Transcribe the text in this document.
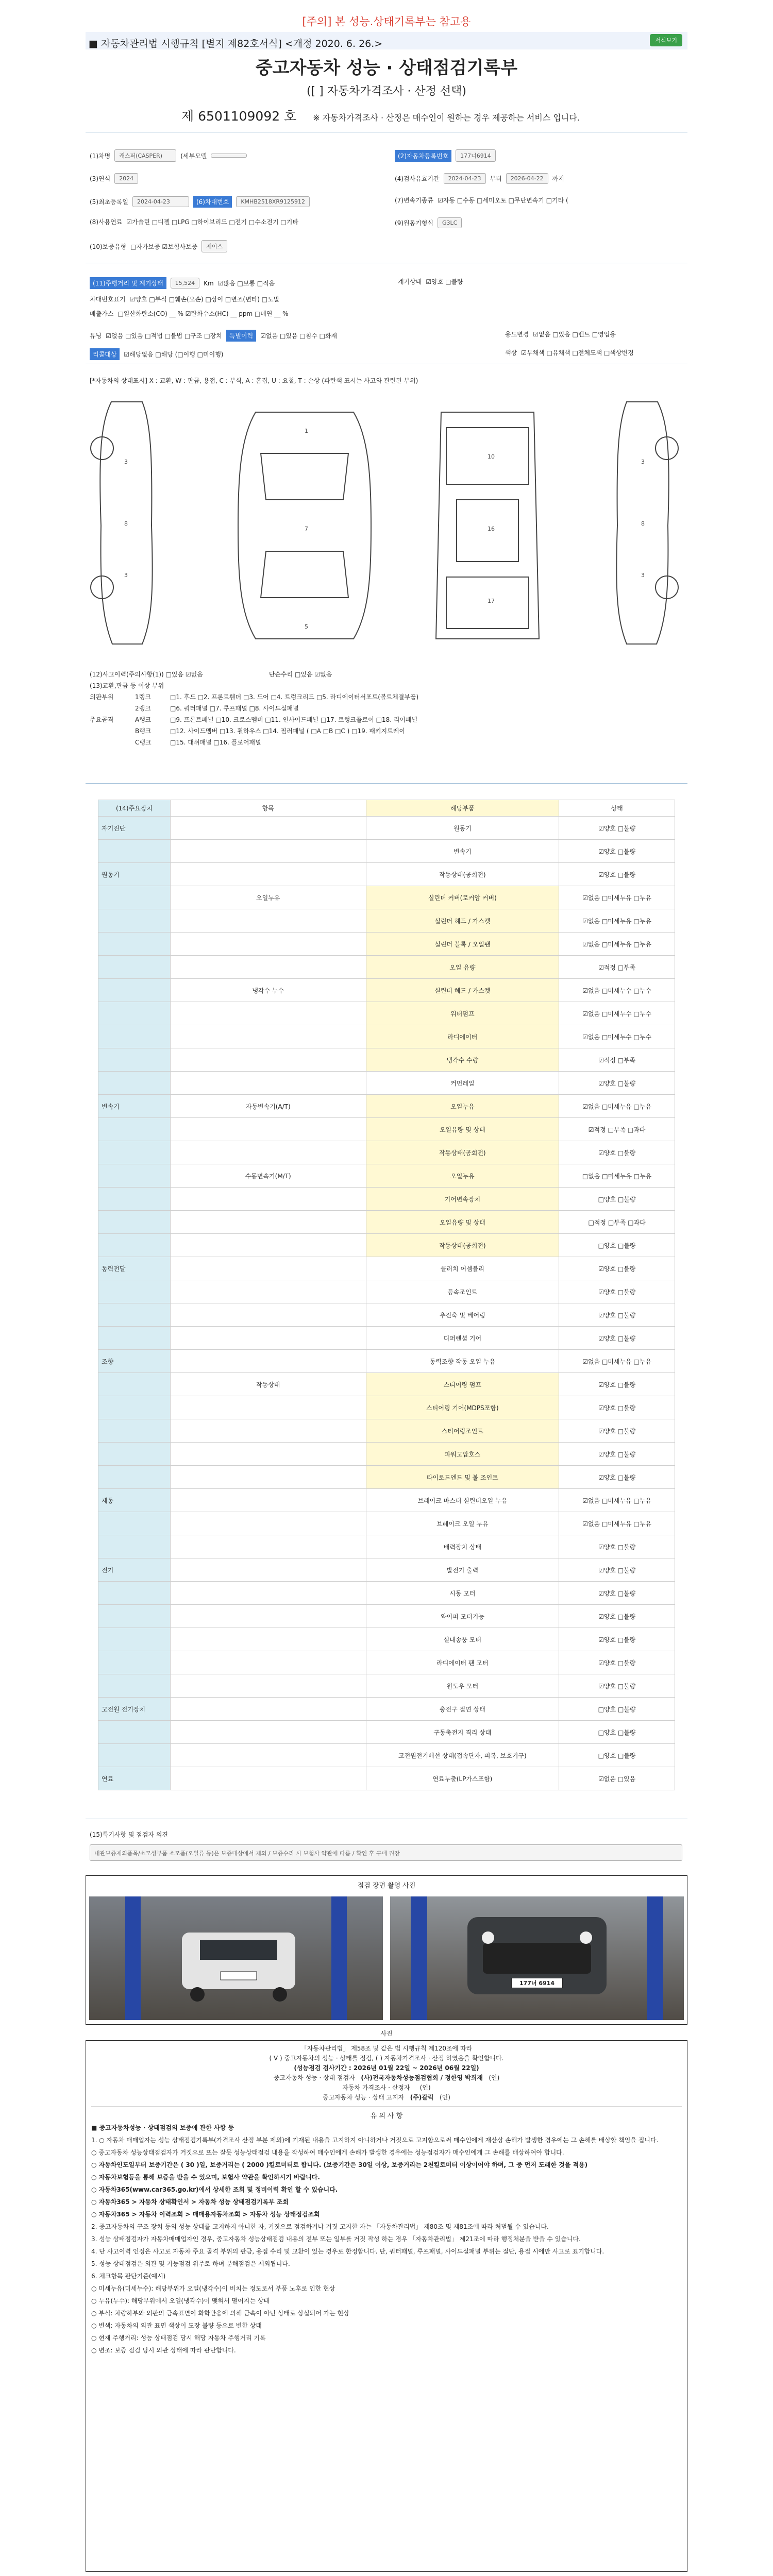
[주의] 본 성능.상태기록부는 참고용
■ 자동차관리법 시행규칙 [별지 제82호서식] <개정 2020. 6. 26.>	서식보기
중고자동차 성능 · 상태점검기록부
([ ] 자동차가격조사 · 산정 선택)
제 6501109092 호 ※ 자동차가격조사 · 산정은 매수인이 원하는 경우 제공하는 서비스 입니다.
(1)차명	캐스퍼(CASPER)	(세부모델	(2)자동차등록번호	177너6914
(3)연식	2024	(4)검사유효기간	2024-04-23	부터	2026-04-22	까지
(5)최초등록일	2024-04-23	(6)차대번호	KMHB2518XR9125912	(7)변속기종류 ☑자동 □수동 □세미오토 □무단변속기 □기타 (
(8)사용연료 ☑가솔린 □디젤 □LPG □하이브리드 □전기 □수소전기 □기타	(9)원동기형식	G3LC
(10)보증유형 □자가보증 ☑보험사보증	제이스
(11)주행거리 및 계기상태	15,524	Km ☑많음 □보통 □적음	계기상태 ☑양호 □불량
차대번호표기 ☑양호 □부식 □훼손(오손) □상이 □변조(변타) □도말
배출가스 □일산화탄소(CO) __ % ☑탄화수소(HC) __ ppm □매연 __ %
튜닝 ☑없음 □있음 □적법 □불법 □구조 □장치	특별이력	☑없음 □있음 □침수 □화재	용도변경 ☑없음 □있음 □렌트 □영업용
리콜대상	☑해당없음 □해당 (□이행 □미이행)	색상 ☑무채색 □유채색 □전체도색 □색상변경
[*자동차의 상태표시] X : 교환, W : 판금, 용접, C : 부식, A : 흠집, U : 요철, T : 손상 (파란색 표시는 사고와 관련된 부위)
1
7
5
10
16
17
3
8
3
3
8
3
(12)사고이력(주의사항(1)) □있음 ☑없음	단순수리 □있음 ☑없음
(13)교환,판금 등 이상 부위
외판부위	1랭크	□1. 후드 □2. 프론트휀더 □3. 도어 □4. 트렁크리드 □5. 라디에이터서포트(볼트체결부품)
2랭크	□6. 쿼터패널 □7. 루프패널 □8. 사이드실패널
주요골격	A랭크	□9. 프론트패널 □10. 크로스멤버 □11. 인사이드패널 □17. 트렁크플로어 □18. 리어패널
B랭크	□12. 사이드멤버 □13. 휠하우스 □14. 필러패널 ( □A □B □C ) □19. 패키지트레이
C랭크	□15. 대쉬패널 □16. 플로어패널
(14)주요장치	항목	해당부품	상태
자기진단		원동기	☑양호 □불량
		변속기	☑양호 □불량
원동기		작동상태(공회전)	☑양호 □불량
	오일누유	실린더 커버(로커암 커버)	☑없음 □미세누유 □누유
		실린더 헤드 / 가스켓	☑없음 □미세누유 □누유
		실린더 블록 / 오일팬	☑없음 □미세누유 □누유
		오일 유량	☑적정 □부족
	냉각수 누수	실린더 헤드 / 가스켓	☑없음 □미세누수 □누수
		워터펌프	☑없음 □미세누수 □누수
		라디에이터	☑없음 □미세누수 □누수
		냉각수 수량	☑적정 □부족
		커먼레일	☑양호 □불량
변속기	자동변속기(A/T)	오일누유	☑없음 □미세누유 □누유
		오일유량 및 상태	☑적정 □부족 □과다
		작동상태(공회전)	☑양호 □불량
	수동변속기(M/T)	오일누유	□없음 □미세누유 □누유
		기어변속장치	□양호 □불량
		오일유량 및 상태	□적정 □부족 □과다
		작동상태(공회전)	□양호 □불량
동력전달		클러치 어셈블리	☑양호 □불량
		등속조인트	☑양호 □불량
		추진축 및 베어링	☑양호 □불량
		디퍼렌셜 기어	☑양호 □불량
조향		동력조향 작동 오일 누유	☑없음 □미세누유 □누유
	작동상태	스티어링 펌프	☑양호 □불량
		스티어링 기어(MDPS포함)	☑양호 □불량
		스티어링조인트	☑양호 □불량
		파워고압호스	☑양호 □불량
		타이로드엔드 및 볼 조인트	☑양호 □불량
제동		브레이크 마스터 실린더오일 누유	☑없음 □미세누유 □누유
		브레이크 오일 누유	☑없음 □미세누유 □누유
		배력장치 상태	☑양호 □불량
전기		발전기 출력	☑양호 □불량
		시동 모터	☑양호 □불량
		와이퍼 모터기능	☑양호 □불량
		실내송풍 모터	☑양호 □불량
		라디에이터 팬 모터	☑양호 □불량
		윈도우 모터	☑양호 □불량
고전원 전기장치		충전구 절연 상태	□양호 □불량
		구동축전지 격리 상태	□양호 □불량
		고전원전기배선 상태(접속단자, 피복, 보호기구)	□양호 □불량
연료		연료누출(LP가스포함)	☑없음 □있음
(15)특기사항 및 점검자 의견
내관보증제외품목/소모성부품 소모품(오일류 등)은 보증대상에서 제외 / 보증수리 시 보험사 약관에 따름 / 확인 후 구매 권장
점검 장면 촬영 사진
177너 6914
사진
「자동차관리법」 제58조 및 같은 법 시행규칙 제120조에 따라
( V ) 중고자동차의 성능 · 상태를 점검, ( ) 자동차가격조사 · 산정 하였음을 확인합니다.
(성능점검 검사기간 : 2026년 01월 22일 ~ 2026년 06월 22일)
중고자동차 성능 · 상태 점검자 (사)전국자동차성능점검협회 / 정한영 박희재 (인)
자동차 가격조사 · 산정자 (인)
중고자동차 성능 · 상태 고지자 (주)갈릭 (인)
유 의 사 항

■ 중고자동차성능 · 상태점검의 보증에 관한 사항 등

1. ○ 자동차 매매업자는 성능 상태점검기록부(가격조사 산정 부분 제외)에 기재된 내용을 고지하지 아니하거나 거짓으로 고지함으로써 매수인에게 재산상 손해가 발생한 경우에는 그 손해를 배상할 책임을 집니다.

○ 중고자동차 성능상태점검자가 거짓으로 또는 잘못 성능상태점검 내용을 작성하여 매수인에게 손해가 발생한 경우에는 성능점검자가 매수인에게 그 손해를 배상하여야 합니다.

○ 자동차인도일부터 보증기간은 ( 30 )일, 보증거리는 ( 2000 )킬로미터로 합니다. (보증기간은 30일 이상, 보증거리는 2천킬로미터 이상이어야 하며, 그 중 먼저 도래한 것을 적용)

○ 자동차보험등을 통해 보증을 받을 수 있으며, 보험사 약관을 확인하시기 바랍니다.

○ 자동차365(www.car365.go.kr)에서 상세한 조회 및 정비이력 확인 할 수 있습니다.

○ 자동차365 > 자동차 상태확인서 > 자동차 성능 상태점검기록부 조회

○ 자동차365 > 자동차 이력조회 > 매매용자동차조회 > 자동차 성능 상태점검조회

2. 중고자동차의 구조 장치 등의 성능 상태를 고지하지 아니한 자, 거짓으로 점검하거나 거짓 고지한 자는 「자동차관리법」 제80조 및 제81조에 따라 처벌될 수 있습니다.

3. 성능 상태점검자가 자동차매매업자인 경우, 중고자동차 성능상태점검 내용의 전부 또는 일부를 거짓 작성 하는 경우 「자동차관리법」 제21조에 따라 행정처분을 받을 수 있습니다.

4. 단 사고이력 인정은 사고로 자동차 주요 골격 부위의 판금, 용접 수리 및 교환이 있는 경우로 한정합니다. 단, 쿼터패널, 루프패널, 사이드실패널 부위는 절단, 용접 시에만 사고로 표기합니다.

5. 성능 상태점검은 외관 및 기능점검 위주로 하며 분해점검은 제외됩니다.

6. 체크항목 판단기준(예시)

○ 미세누유(미세누수): 해당부위가 오일(냉각수)이 비치는 정도로서 부품 노후로 인한 현상

○ 누유(누수): 해당부위에서 오일(냉각수)이 맺혀서 떨어지는 상태

○ 부식: 차량하부와 외판의 금속표면이 화학반응에 의해 금속이 아닌 상태로 상실되어 가는 현상

○ 변색: 자동차의 외관 표면 색상이 도장 불량 등으로 변한 상태

○ 현재 주행거리: 성능 상태점검 당시 해당 자동차 주행거리 기록

○ 변조: 보증 점검 당시 외관 상태에 따라 판단합니다.
